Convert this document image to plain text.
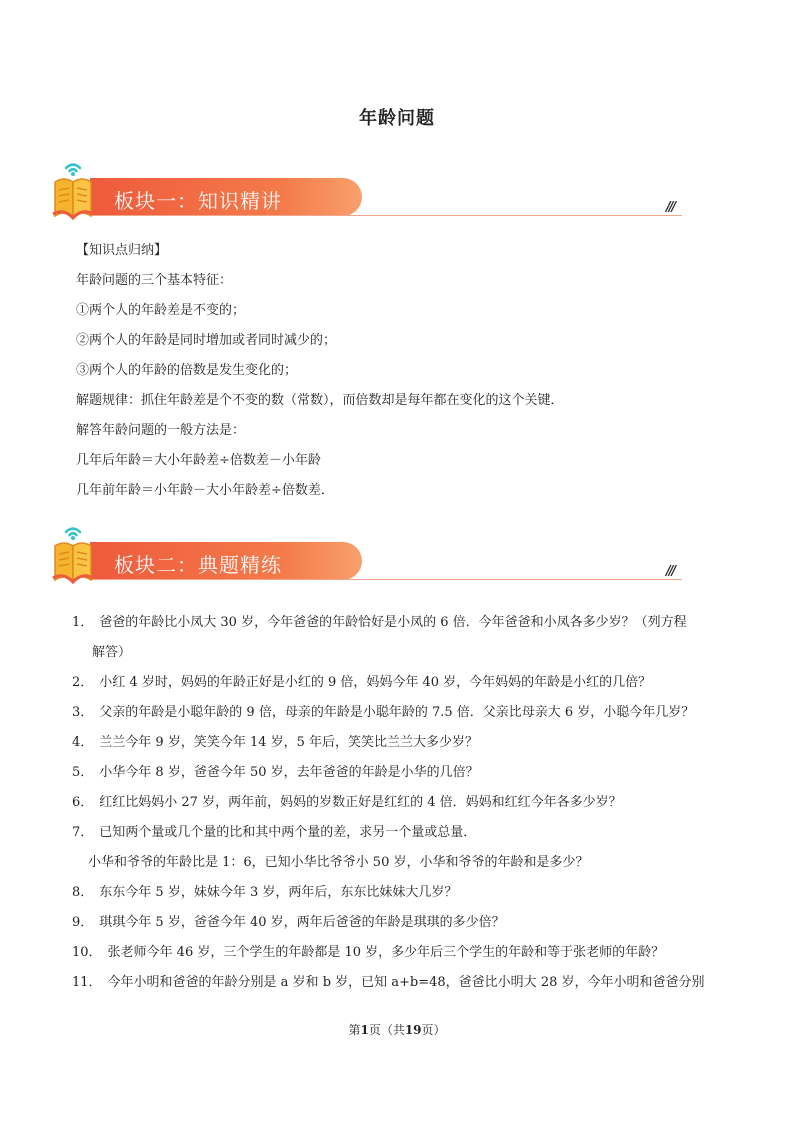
年龄问题
板块一：知识精讲	///
【知识点归纳】
年龄问题的三个基本特征：
①两个人的年龄差是不变的；
②两个人的年龄是同时增加或者同时减少的；
③两个人的年龄的倍数是发生变化的；
解题规律：抓住年龄差是个不变的数（常数），而倍数却是每年都在变化的这个关键．
解答年龄问题的一般方法是：
几年后年龄＝大小年龄差÷倍数差－小年龄
几年前年龄＝小年龄－大小年龄差÷倍数差．
板块二：典题精练	///
1． 爸爸的年龄比小凤大 30 岁，今年爸爸的年龄恰好是小凤的 6 倍．今年爸爸和小凤各多少岁？（列方程
解答）
2． 小红 4 岁时，妈妈的年龄正好是小红的 9 倍，妈妈今年 40 岁，今年妈妈的年龄是小红的几倍？
3． 父亲的年龄是小聪年龄的 9 倍，母亲的年龄是小聪年龄的 7.5 倍．父亲比母亲大 6 岁，小聪今年几岁？
4． 兰兰今年 9 岁，笑笑今年 14 岁，5 年后，笑笑比兰兰大多少岁？
5． 小华今年 8 岁，爸爸今年 50 岁，去年爸爸的年龄是小华的几倍？
6． 红红比妈妈小 27 岁，两年前，妈妈的岁数正好是红红的 4 倍．妈妈和红红今年各多少岁？
7． 已知两个量或几个量的比和其中两个量的差，求另一个量或总量．
小华和爷爷的年龄比是 1：6，已知小华比爷爷小 50 岁，小华和爷爷的年龄和是多少？
8． 东东今年 5 岁，妹妹今年 3 岁，两年后，东东比妹妹大几岁？
9． 琪琪今年 5 岁，爸爸今年 40 岁，两年后爸爸的年龄是琪琪的多少倍？
10． 张老师今年 46 岁，三个学生的年龄都是 10 岁，多少年后三个学生的年龄和等于张老师的年龄？
11． 今年小明和爸爸的年龄分别是 a 岁和 b 岁，已知 a+b=48，爸爸比小明大 28 岁，今年小明和爸爸分别
第1页（共19页）
